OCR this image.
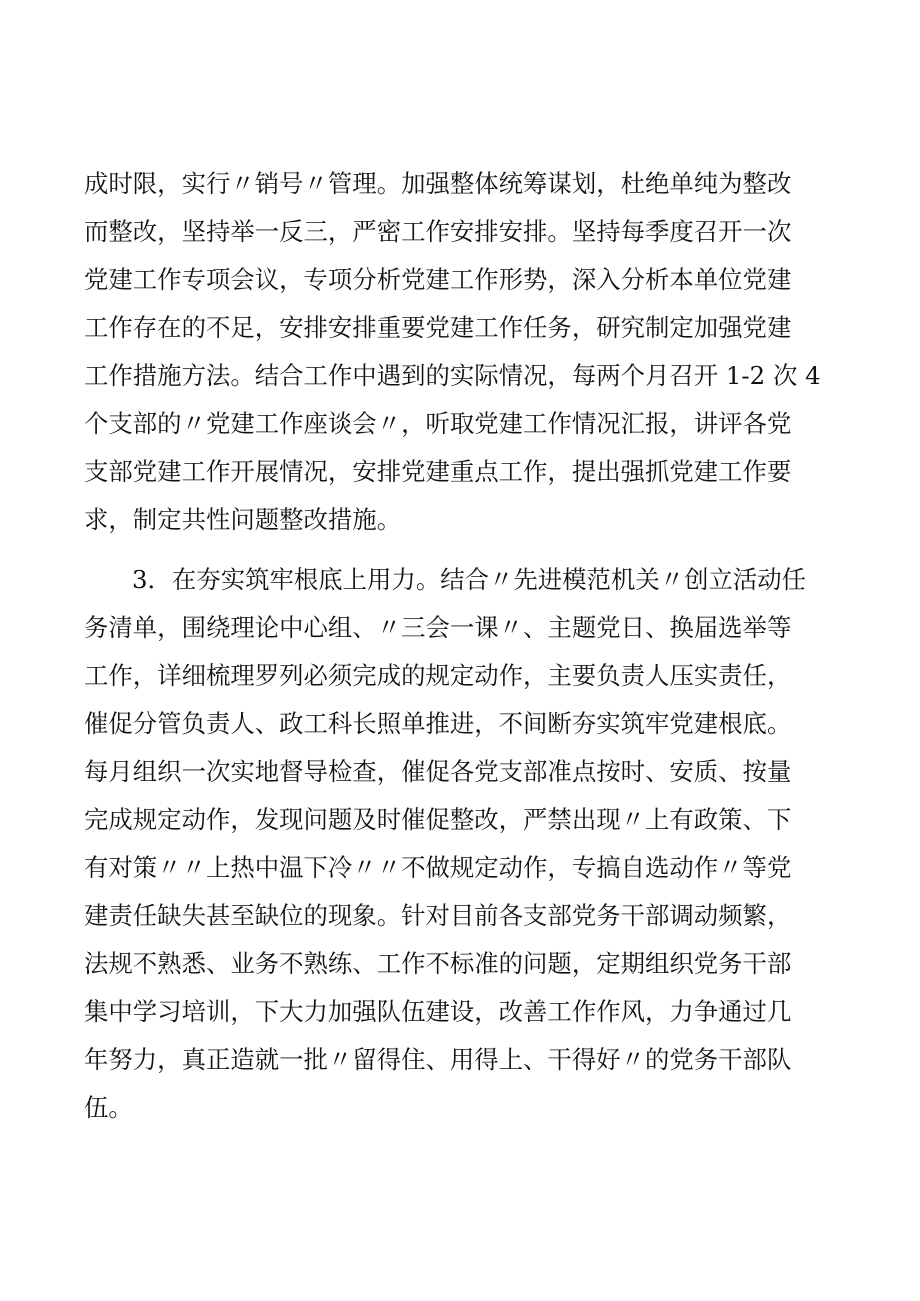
成时限，实行〃销号〃管理。加强整体统筹谋划，杜绝单纯为整改
而整改，坚持举一反三，严密工作安排安排。坚持每季度召开一次
党建工作专项会议，专项分析党建工作形势，深入分析本单位党建
工作存在的不足，安排安排重要党建工作任务，研究制定加强党建
工作措施方法。结合工作中遇到的实际情况，每两个月召开 1-2 次 4
个支部的〃党建工作座谈会〃，听取党建工作情况汇报，讲评各党
支部党建工作开展情况，安排党建重点工作，提出强抓党建工作要
求，制定共性问题整改措施。
3．在夯实筑牢根底上用力。结合〃先进模范机关〃创立活动任
务清单，围绕理论中心组、〃三会一课〃、主题党日、换届选举等
工作，详细梳理罗列必须完成的规定动作，主要负责人压实责任，
催促分管负责人、政工科长照单推进，不间断夯实筑牢党建根底。
每月组织一次实地督导检查，催促各党支部准点按时、安质、按量
完成规定动作，发现问题及时催促整改，严禁出现〃上有政策、下
有对策〃〃上热中温下冷〃〃不做规定动作，专搞自选动作〃等党
建责任缺失甚至缺位的现象。针对目前各支部党务干部调动频繁，
法规不熟悉、业务不熟练、工作不标准的问题，定期组织党务干部
集中学习培训，下大力加强队伍建设，改善工作作风，力争通过几
年努力，真正造就一批〃留得住、用得上、干得好〃的党务干部队
伍。
